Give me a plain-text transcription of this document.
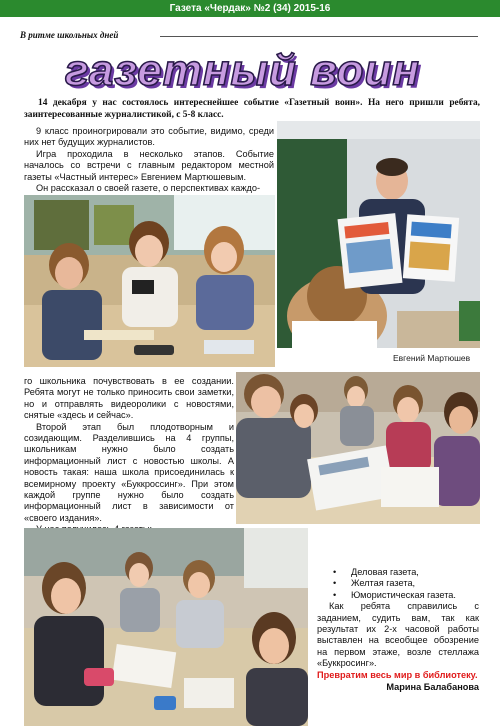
Газета «Чердак» №2 (34) 2015-16
В ритме школьных дней
газетный воин
14 декабря у нас состоялось интереснейшее событие «Газетный воин». На него пришли ребята, заинтересованные журналистикой, с 5-8 класс.

9 класс проиногрировали это событие, видимо, среди них нет будущих журналистов.

Игра проходила в несколько этапов. Событие началось со встречи с главным редактором местной газеты «Частный интерес» Евгением Мартюшевым.

Он рассказал о своей газете, о перспективах каждо-

Евгений Мартюшев

го школьника почувствовать в ее создании. Ребята могут не только приносить свои заметки, но и отправлять видеоролики с новостями, снятые «здесь и сейчас».

Второй этап был плодотворным и созидающим. Разделившись на 4 группы, школьникам нужно было создать информационный лист с новостью школы. А новость такая: наша школа присоединилась к всемирному проекту «Буккроссинг». При этом каждой группе нужно было создать информационный лист в зависимости от «своего издания».

•
• Деловая газета,
• Желтая газета,
• Юмористическая газета.

Как ребята справились с заданием, судить вам, так как результат их 2-х часовой работы выставлен на всеобщее обозрение на первом этаже, возле стеллажа «Буккросинг».

Превратим весь мир в библиотеку.

Марина Балабанова
